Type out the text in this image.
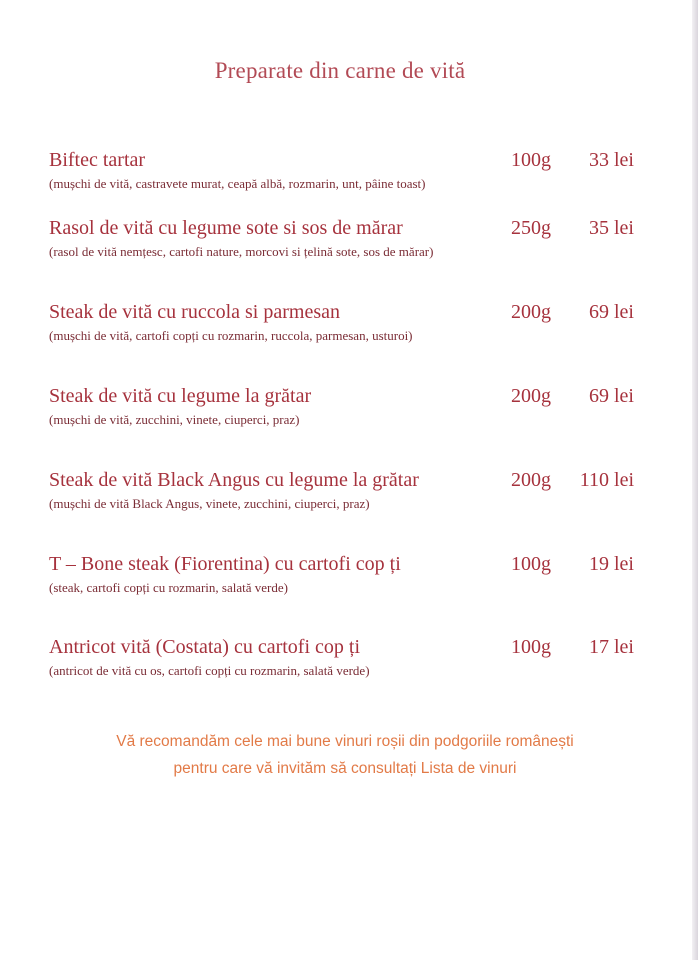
Preparate din carne de vită
Biftec tartar	100g	33 lei
(mușchi de vită, castravete murat, ceapă albă, rozmarin, unt, pâine toast)
Rasol de vită cu legume sote si sos de mărar	250g	35 lei
(rasol de vită nemțesc, cartofi nature, morcovi si țelină sote, sos de mărar)
Steak de vită cu ruccola si parmesan	200g	69 lei
(mușchi de vită, cartofi copți cu rozmarin, ruccola, parmesan, usturoi)
Steak de vită cu legume la grătar	200g	69 lei
(mușchi de vită, zucchini, vinete, ciuperci, praz)
Steak de vită Black Angus cu legume la grătar	200g	110 lei
(mușchi de vită Black Angus, vinete, zucchini, ciuperci, praz)
T – Bone steak (Fiorentina) cu cartofi cop ți	100g	19 lei
(steak, cartofi copți cu rozmarin, salată verde)
Antricot vită (Costata) cu cartofi cop ți	100g	17 lei
(antricot de vită cu os, cartofi copți cu rozmarin, salată verde)
Vă recomandăm cele mai bune vinuri roșii din podgoriile românești
pentru care vă invităm să consultați Lista de vinuri
